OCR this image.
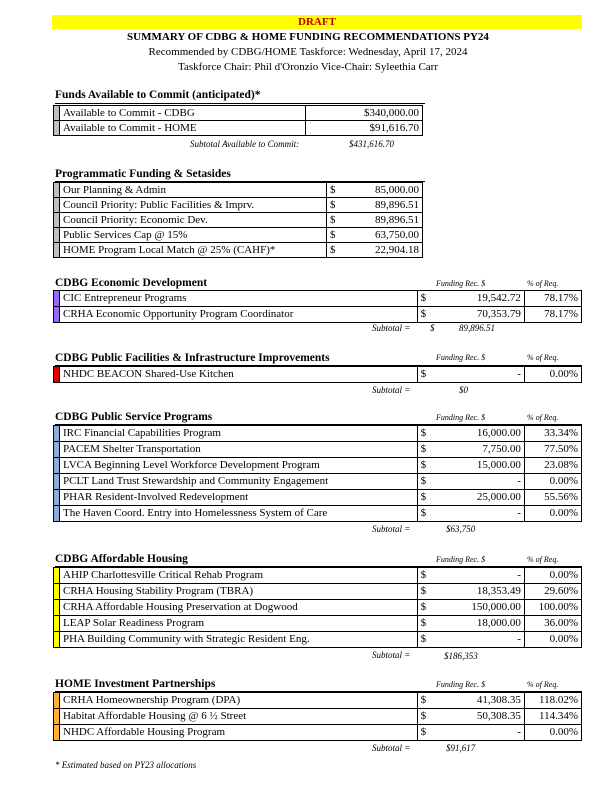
DRAFT
SUMMARY OF CDBG & HOME FUNDING RECOMMENDATIONS PY24
Recommended by CDBG/HOME Taskforce: Wednesday, April 17, 2024
Taskforce Chair: Phil d'Oronzio Vice-Chair: Syleethia Carr
Funds Available to Commit (anticipated)*
	Available to Commit - CDBG	$340,000.00
	Available to Commit - HOME	$91,616.70
Subtotal Available to Commit:	$431,616.70
Programmatic Funding & Setasides
	Our Planning & Admin	$	85,000.00
	Council Priority: Public Facilities & Imprv.	$	89,896.51
	Council Priority: Economic Dev.	$	89,896.51
	Public Services Cap @ 15%	$	63,750.00
	HOME Program Local Match @ 25% (CAHF)*	$	22,904.18
CDBG Economic Development	Funding Rec. $	% of Req.
	CIC Entrepreneur Programs	$	19,542.72	78.17%
	CRHA Economic Opportunity Program Coordinator	$	70,353.79	78.17%
Subtotal = $	89,896.51
CDBG Public Facilities & Infrastructure Improvements	Funding Rec. $	% of Req.
	NHDC BEACON Shared-Use Kitchen	$	-	0.00%
Subtotal =	$0
CDBG Public Service Programs	Funding Rec. $	% of Req.
	IRC Financial Capabilities Program	$	16,000.00	33.34%
	PACEM Shelter Transportation	$	7,750.00	77.50%
	LVCA Beginning Level Workforce Development Program	$	15,000.00	23.08%
	PCLT Land Trust Stewardship and Community Engagement	$	-	0.00%
	PHAR Resident-Involved Redevelopment	$	25,000.00	55.56%
	The Haven Coord. Entry into Homelessness System of Care	$	-	0.00%
Subtotal =	$63,750
CDBG Affordable Housing	Funding Rec. $	% of Req.
	AHIP Charlottesville Critical Rehab Program	$	-	0.00%
	CRHA Housing Stability Program (TBRA)	$	18,353.49	29.60%
	CRHA Affordable Housing Preservation at Dogwood	$	150,000.00	100.00%
	LEAP Solar Readiness Program	$	18,000.00	36.00%
	PHA Building Community with Strategic Resident Eng.	$	-	0.00%
Subtotal =	$186,353
HOME Investment Partnerships	Funding Rec. $	% of Req.
	CRHA Homeownership Program (DPA)	$	41,308.35	118.02%
	Habitat Affordable Housing @ 6 ½ Street	$	50,308.35	114.34%
	NHDC Affordable Housing Program	$	-	0.00%
Subtotal =	$91,617
* Estimated based on PY23 allocations
